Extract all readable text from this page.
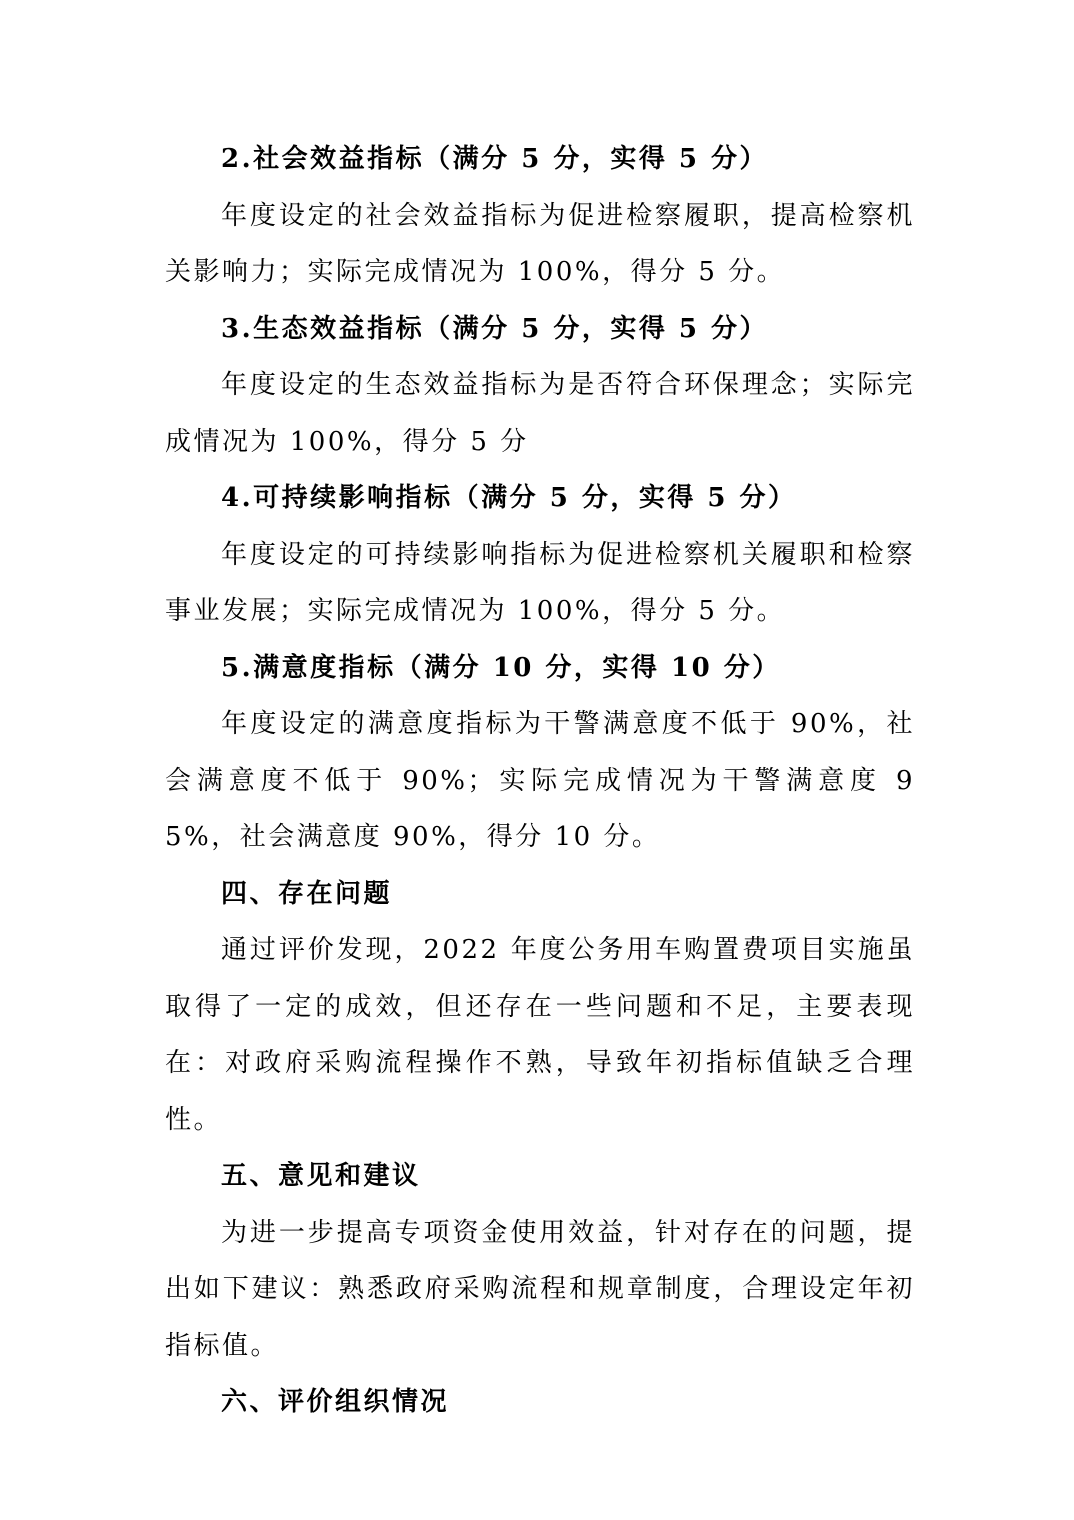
2.社会效益指标（满分 5 分，实得 5 分）

年度设定的社会效益指标为促进检察履职，提高检察机关影响力；实际完成情况为 100%，得分 5 分。

3.生态效益指标（满分 5 分，实得 5 分）

年度设定的生态效益指标为是否符合环保理念；实际完成情况为 100%，得分 5 分

4.可持续影响指标（满分 5 分，实得 5 分）

年度设定的可持续影响指标为促进检察机关履职和检察事业发展；实际完成情况为 100%，得分 5 分。

5.满意度指标（满分 10 分，实得 10 分）

年度设定的满意度指标为干警满意度不低于 90%，社会满意度不低于 90%；实际完成情况为干警满意度 95%，社会满意度 90%，得分 10 分。

四、存在问题

通过评价发现，2022 年度公务用车购置费项目实施虽取得了一定的成效，但还存在一些问题和不足，主要表现在：对政府采购流程操作不熟，导致年初指标值缺乏合理性。

五、意见和建议

为进一步提高专项资金使用效益，针对存在的问题，提出如下建议：熟悉政府采购流程和规章制度，合理设定年初指标值。

六、评价组织情况
